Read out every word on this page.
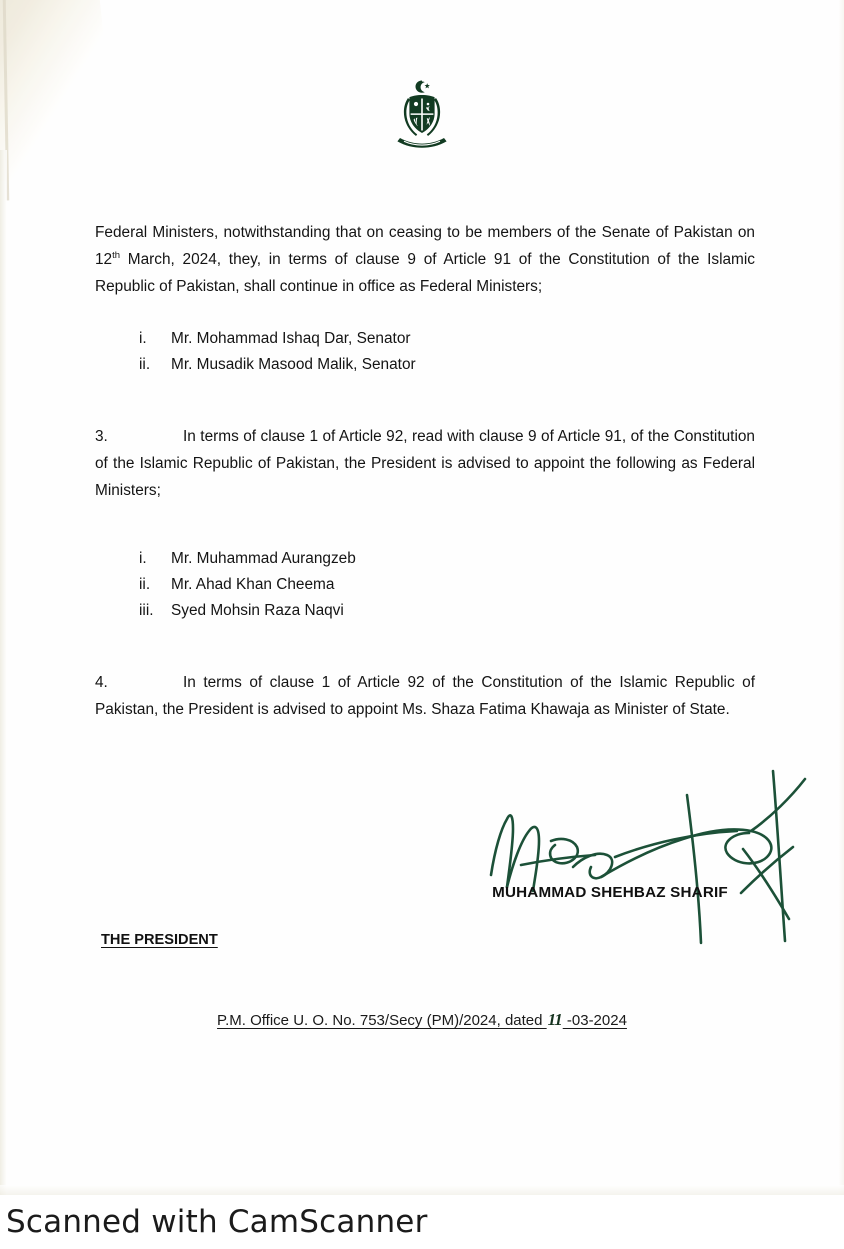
Federal Ministers, notwithstanding that on ceasing to be members of the Senate of Pakistan on 12th March, 2024, they, in terms of clause 9 of Article 91 of the Constitution of the Islamic Republic of Pakistan, shall continue in office as Federal Ministers;

i.	Mr. Mohammad Ishaq Dar, Senator
ii.	Mr. Musadik Masood Malik, Senator

3.	In terms of clause 1 of Article 92, read with clause 9 of Article 91, of the Constitution of the Islamic Republic of Pakistan, the President is advised to appoint the following as Federal Ministers;

i.	Mr. Muhammad Aurangzeb
ii.	Mr. Ahad Khan Cheema
iii.	Syed Mohsin Raza Naqvi

4.	In terms of clause 1 of Article 92 of the Constitution of the Islamic Republic of Pakistan, the President is advised to appoint Ms. Shaza Fatima Khawaja as Minister of State.

MUHAMMAD SHEHBAZ SHARIF
THE PRESIDENT
P.M. Office U. O. No. 753/Secy (PM)/2024, dated 11 -03-2024
Scanned with CamScanner
